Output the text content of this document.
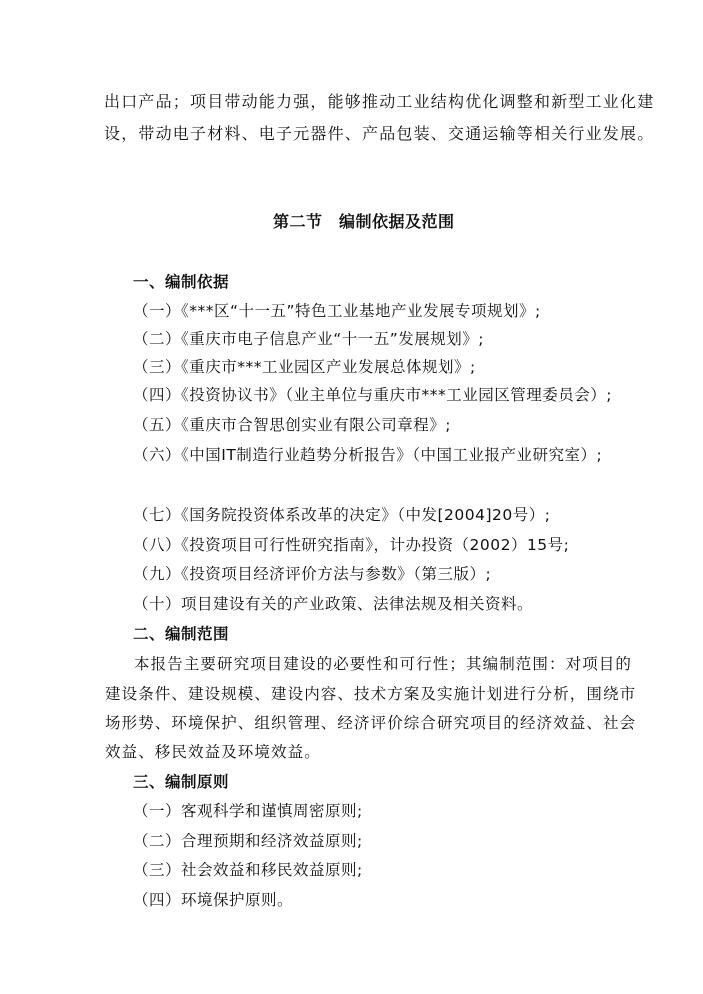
出口产品；项目带动能力强，能够推动工业结构优化调整和新型工业化建
设，带动电子材料、电子元器件、产品包装、交通运输等相关行业发展。
第二节　编制依据及范围
一、编制依据
（一）《***区“十一五”特色工业基地产业发展专项规划》;
（二）《重庆市电子信息产业“十一五”发展规划》;
（三）《重庆市***工业园区产业发展总体规划》;
（四）《投资协议书》（业主单位与重庆市***工业园区管理委员会）;
（五）《重庆市合智思创实业有限公司章程》;
（六）《中国IT制造行业趋势分析报告》（中国工业报产业研究室）;
（七）《国务院投资体系改革的决定》（中发[2004]20号）;
（八）《投资项目可行性研究指南》，计办投资（2002）15号;
（九）《投资项目经济评价方法与参数》（第三版）;
（十）项目建设有关的产业政策、法律法规及相关资料。
二、编制范围
本报告主要研究项目建设的必要性和可行性；其编制范围：对项目的
建设条件、建设规模、建设内容、技术方案及实施计划进行分析，围绕市
场形势、环境保护、组织管理、经济评价综合研究项目的经济效益、社会
效益、移民效益及环境效益。
三、编制原则
（一）客观科学和谨慎周密原则;
（二）合理预期和经济效益原则;
（三）社会效益和移民效益原则;
（四）环境保护原则。
